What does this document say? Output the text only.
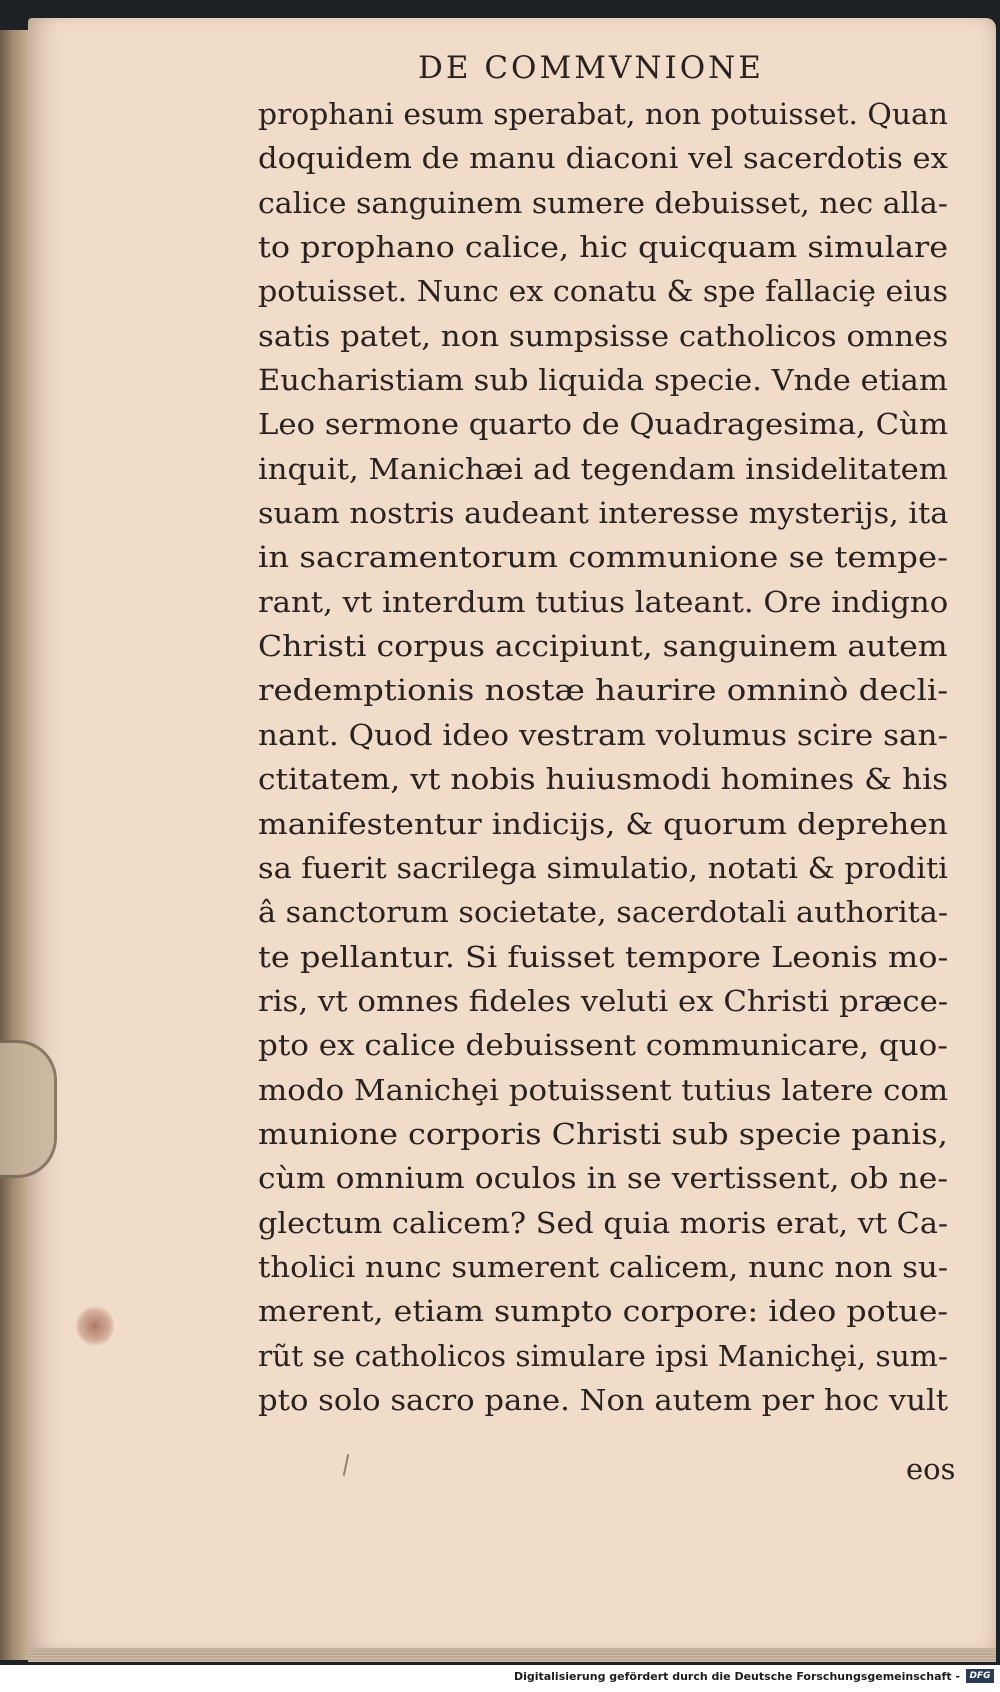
DE COMMVNIONE
prophani esum sperabat, non potuisset. Quan
doquidem de manu diaconi vel sacerdotis ex
calice sanguinem sumere debuisset, nec alla-
to prophano calice, hic quicquam simulare
potuisset. Nunc ex conatu & spe fallaciȩ eius
satis patet, non sumpsisse catholicos omnes
Eucharistiam sub liquida specie. Vnde etiam
Leo sermone quarto de Quadragesima, Cùm
inquit, Manichæi ad tegendam insidelitatem
suam nostris audeant interesse mysterijs, ita
in sacramentorum communione se tempe-
rant, vt interdum tutius lateant. Ore indigno
Christi corpus accipiunt, sanguinem autem
redemptionis nostæ haurire omninò decli-
nant. Quod ideo vestram volumus scire san-
ctitatem, vt nobis huiusmodi homines & his
manifestentur indicijs, & quorum deprehen
sa fuerit sacrilega simulatio, notati & proditi
â sanctorum societate, sacerdotali authorita-
te pellantur. Si fuisset tempore Leonis mo-
ris, vt omnes fideles veluti ex Christi præce-
pto ex calice debuissent communicare, quo-
modo Manichȩi potuissent tutius latere com
munione corporis Christi sub specie panis,
cùm omnium oculos in se vertissent, ob ne-
glectum calicem? Sed quia moris erat, vt Ca-
tholici nunc sumerent calicem, nunc non su-
merent, etiam sumpto corpore: ideo potue-
rũt se catholicos simulare ipsi Manichȩi, sum-
pto solo sacro pane. Non autem per hoc vult
eos
Digitalisierung gefördert durch die Deutsche Forschungsgemeinschaft -	DFG
